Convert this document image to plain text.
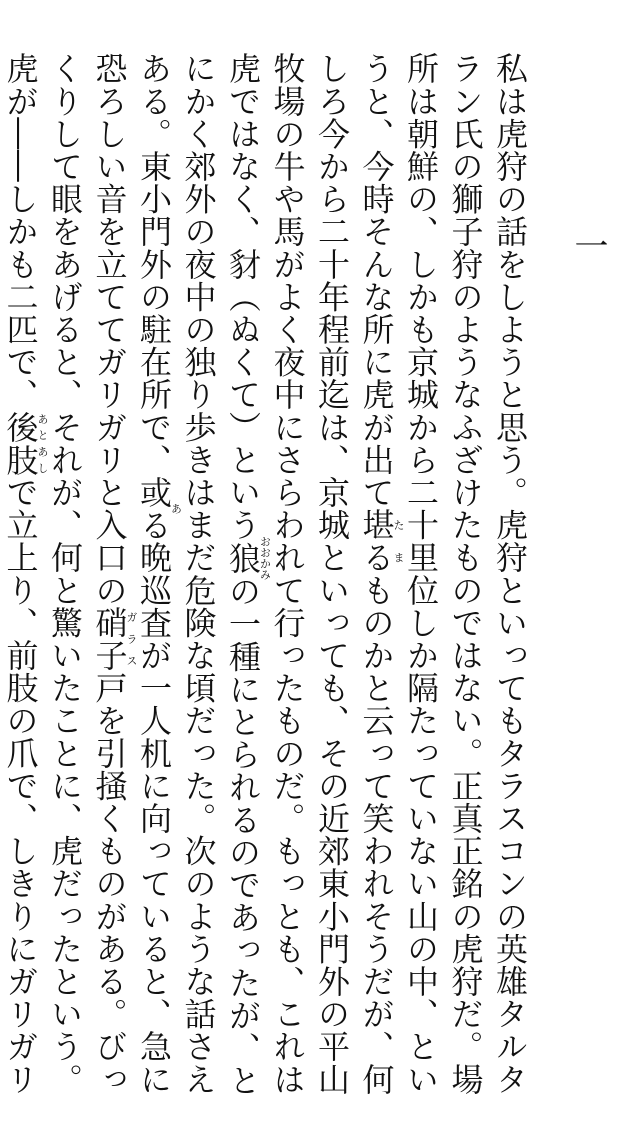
一
私は虎狩の話をしようと思う。虎狩といってもタラスコンの英雄タルタラン氏の獅子狩のようなふざけたものではない。正真正銘の虎狩だ。場所は朝鮮の、しかも京城から二十里位しか隔たっていない山の中、というと、今時そんな所に虎が出て堪るたまものかと云って笑われそうだが、何しろ今から二十年程前迄は、京城といっても、その近郊東小門外の平山牧場の牛や馬がよく夜中にさらわれて行ったものだ。もっとも、これは虎ではなく、豺（ぬくて）という狼おおかみの一種にとられるのであったが、とにかく郊外の夜中の独り歩きはまだ危険な頃だった。次のような話さえある。東小門外の駐在所で、或るあ晩巡査が一人机に向っていると、急に恐ろしい音を立ててガリガリと入口の硝子ガラス戸を引掻くものがある。びっくりして眼をあげると、それが、何と驚いたことに、虎だったという。虎が――しかも二匹で、後肢あとあしで立上り、前肢の爪で、しきりにガリガリ
